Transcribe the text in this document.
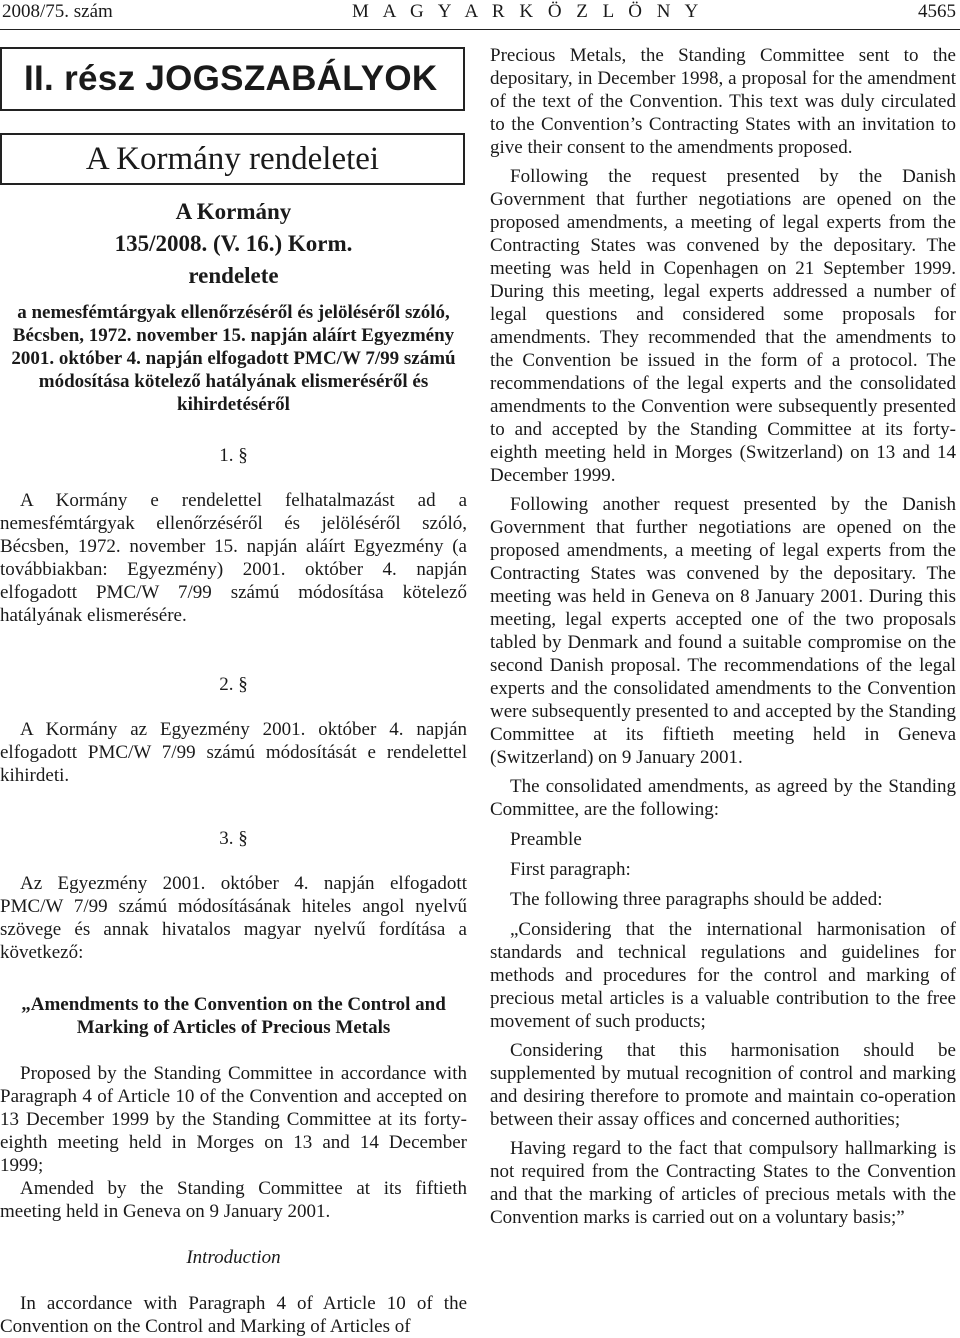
2008/75. szám	M A G Y A R K Ö Z L Ö N Y	4565
II. rész JOGSZABÁLYOK
A Kormány rendeletei
A Kormány
135/2008. (V. 16.) Korm.
rendelete
a nemesfémtárgyak ellenőrzéséről és jelöléséről szóló, Bécsben, 1972. november 15. napján aláírt Egyezmény 2001. október 4. napján elfogadott PMC/W 7/99 számú módosítása kötelező hatályának elismeréséről és kihirdetéséről
1. §

A Kormány e rendelettel felhatalmazást ad a nemesfémtárgyak ellenőrzéséről és jelöléséről szóló, Bécsben, 1972. november 15. napján aláírt Egyezmény (a továbbiakban: Egyezmény) 2001. október 4. napján elfogadott PMC/W 7/99 számú módosítása kötelező hatályának elismerésére.

2. §

A Kormány az Egyezmény 2001. október 4. napján elfogadott PMC/W 7/99 számú módosítását e rendelettel kihirdeti.

3. §

Az Egyezmény 2001. október 4. napján elfogadott PMC/W 7/99 számú módosításának hiteles angol nyelvű szövege és annak hivatalos magyar nyelvű fordítása a következő:

„Amendments to the Convention on the Control and Marking of Articles of Precious Metals

Proposed by the Standing Committee in accordance with Paragraph 4 of Article 10 of the Convention and accepted on 13 December 1999 by the Standing Committee at its forty-eighth meeting held in Morges on 13 and 14 December 1999;

Amended by the Standing Committee at its fiftieth meeting held in Geneva on 9 January 2001.

Introduction

In accordance with Paragraph 4 of Article 10 of the Convention on the Control and Marking of Articles of

Precious Metals, the Standing Committee sent to the depositary, in December 1998, a proposal for the amendment of the text of the Convention. This text was duly circulated to the Convention’s Contracting States with an invitation to give their consent to the amendments proposed.

Following the request presented by the Danish Government that further negotiations are opened on the proposed amendments, a meeting of legal experts from the Contracting States was convened by the depositary. The meeting was held in Copenhagen on 21 September 1999. During this meeting, legal experts addressed a number of legal questions and considered some proposals for amendments. They recommended that the amendments to the Convention be issued in the form of a protocol. The recommendations of the legal experts and the consolidated amendments to the Convention were subsequently presented to and accepted by the Standing Committee at its forty-eighth meeting held in Morges (Switzerland) on 13 and 14 December 1999.

Following another request presented by the Danish Government that further negotiations are opened on the proposed amendments, a meeting of legal experts from the Contracting States was convened by the depositary. The meeting was held in Geneva on 8 January 2001. During this meeting, legal experts accepted one of the two proposals tabled by Denmark and found a suitable compromise on the second Danish proposal. The recommendations of the legal experts and the consolidated amendments to the Convention were subsequently presented to and accepted by the Standing Committee at its fiftieth meeting held in Geneva (Switzerland) on 9 January 2001.

The consolidated amendments, as agreed by the Standing Committee, are the following:

Preamble

First paragraph:

The following three paragraphs should be added:

„Considering that the international harmonisation of standards and technical regulations and guidelines for methods and procedures for the control and marking of precious metal articles is a valuable contribution to the free movement of such products;

Considering that this harmonisation should be supplemented by mutual recognition of control and marking and desiring therefore to promote and maintain co-operation between their assay offices and concerned authorities;

Having regard to the fact that compulsory hallmarking is not required from the Contracting States to the Convention and that the marking of articles of precious metals with the Convention marks is carried out on a voluntary basis;”
